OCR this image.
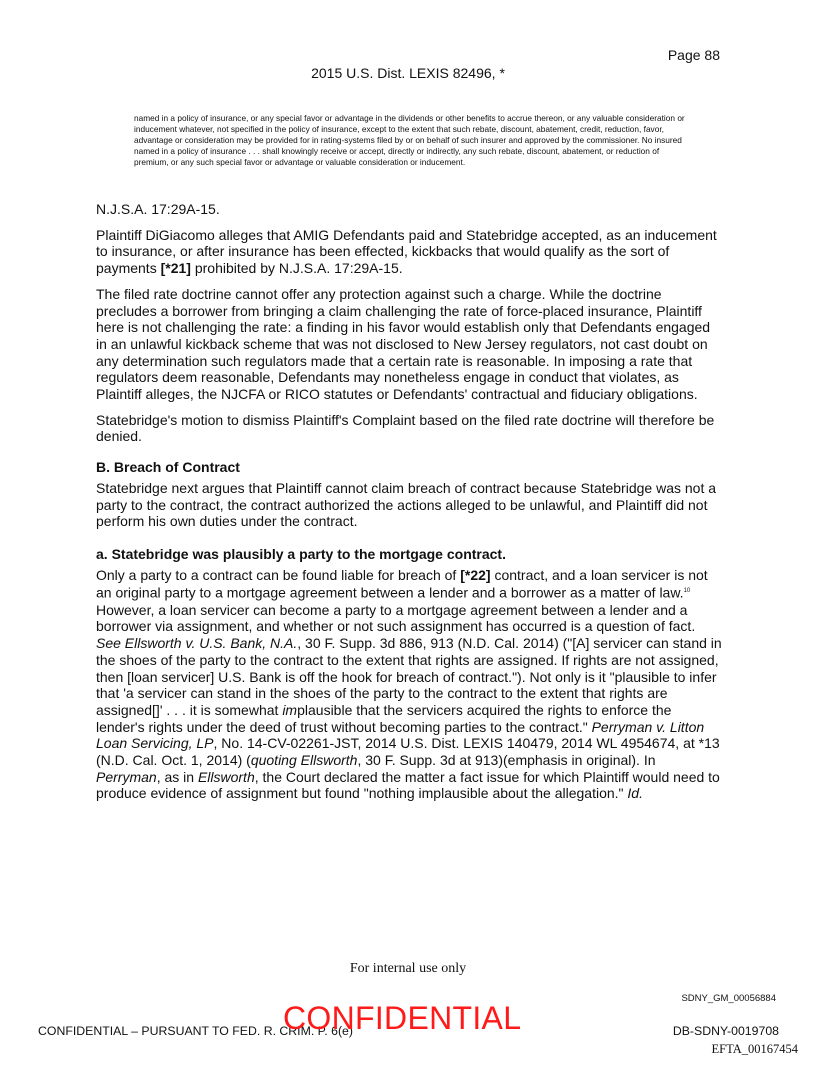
Page 88
2015 U.S. Dist. LEXIS 82496, *
named in a policy of insurance, or any special favor or advantage in the dividends or other benefits to accrue thereon, or any valuable consideration or inducement whatever, not specified in the policy of insurance, except to the extent that such rebate, discount, abatement, credit, reduction, favor, advantage or consideration may be provided for in rating-systems filed by or on behalf of such insurer and approved by the commissioner. No insured named in a policy of insurance . . . shall knowingly receive or accept, directly or indirectly, any such rebate, discount, abatement, or reduction of premium, or any such special favor or advantage or valuable consideration or inducement.

N.J.S.A. 17:29A-15.

Plaintiff DiGiacomo alleges that AMIG Defendants paid and Statebridge accepted, as an inducement to insurance, or after insurance has been effected, kickbacks that would qualify as the sort of payments [*21] prohibited by N.J.S.A. 17:29A-15.

The filed rate doctrine cannot offer any protection against such a charge. While the doctrine precludes a borrower from bringing a claim challenging the rate of force-placed insurance, Plaintiff here is not challenging the rate: a finding in his favor would establish only that Defendants engaged in an unlawful kickback scheme that was not disclosed to New Jersey regulators, not cast doubt on any determination such regulators made that a certain rate is reasonable. In imposing a rate that regulators deem reasonable, Defendants may nonetheless engage in conduct that violates, as Plaintiff alleges, the NJCFA or RICO statutes or Defendants' contractual and fiduciary obligations.

Statebridge's motion to dismiss Plaintiff's Complaint based on the filed rate doctrine will therefore be denied.

B. Breach of Contract

Statebridge next argues that Plaintiff cannot claim breach of contract because Statebridge was not a party to the contract, the contract authorized the actions alleged to be unlawful, and Plaintiff did not perform his own duties under the contract.

a. Statebridge was plausibly a party to the mortgage contract.

Only a party to a contract can be found liable for breach of [*22] contract, and a loan servicer is not an original party to a mortgage agreement between a lender and a borrower as a matter of law.$^{10}$ However, a loan servicer can become a party to a mortgage agreement between a lender and a borrower via assignment, and whether or not such assignment has occurred is a question of fact. See Ellsworth v. U.S. Bank, N.A., 30 F. Supp. 3d 886, 913 (N.D. Cal. 2014) ("[A] servicer can stand in the shoes of the party to the contract to the extent that rights are assigned. If rights are not assigned, then [loan servicer] U.S. Bank is off the hook for breach of contract."). Not only is it "plausible to infer that 'a servicer can stand in the shoes of the party to the contract to the extent that rights are assigned[]' . . . it is somewhat implausible that the servicers acquired the rights to enforce the lender's rights under the deed of trust without becoming parties to the contract." Perryman v. Litton Loan Servicing, LP, No. 14-CV-02261-JST, 2014 U.S. Dist. LEXIS 140479, 2014 WL 4954674, at *13 (N.D. Cal. Oct. 1, 2014) (quoting Ellsworth, 30 F. Supp. 3d at 913)(emphasis in original). In Perryman, as in Ellsworth, the Court declared the matter a fact issue for which Plaintiff would need to produce evidence of assignment but found "nothing implausible about the allegation." Id.

For internal use only
SDNY_GM_00056884
CONFIDENTIAL – PURSUANT TO FED. R. CRIM. P. 6(e)
CONFIDENTIAL	DB-SDNY-0019708
EFTA_00167454
